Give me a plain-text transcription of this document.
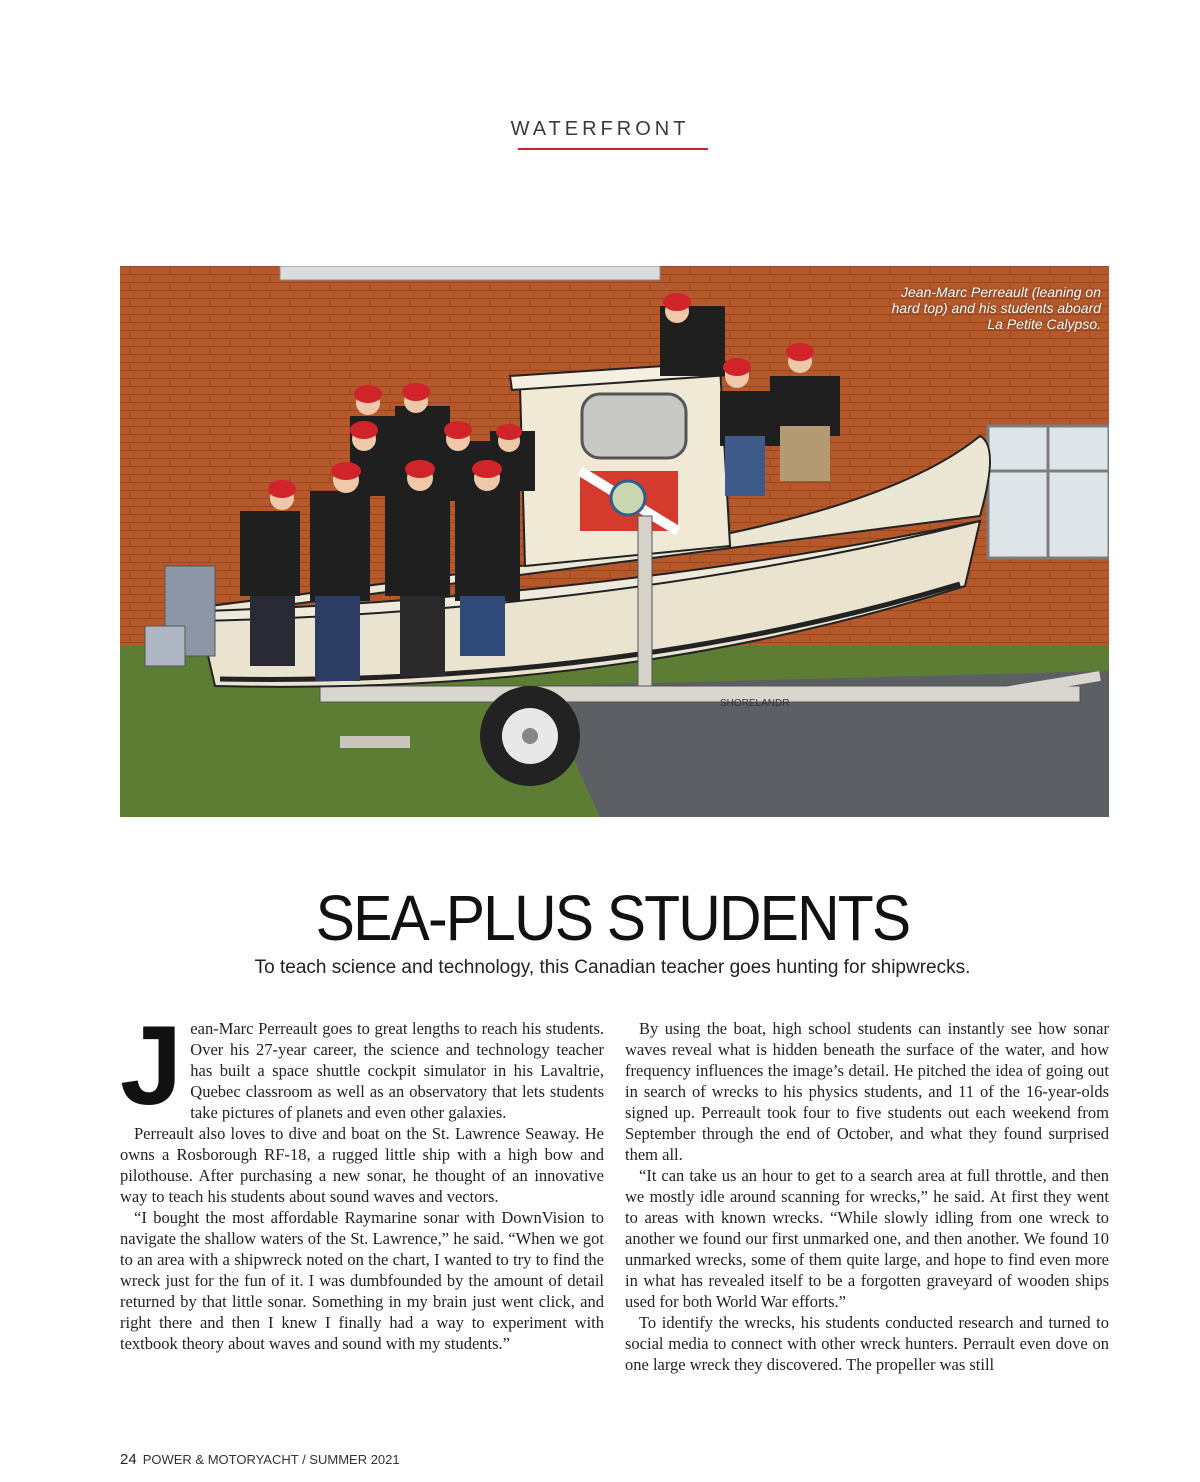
WATERFRONT
SHORELANDR
Jean-Marc Perreault (leaning on
hard top) and his students aboard
La Petite Calypso.
SEA-PLUS STUDENTS
To teach science and technology, this Canadian teacher goes hunting for shipwrecks.

Jean-Marc Perreault goes to great lengths to reach his students. Over his 27-year career, the science and technology teacher has built a space shuttle cockpit simulator in his Lavaltrie, Quebec classroom as well as an observatory that lets students take pictures of planets and even other galaxies.

Perreault also loves to dive and boat on the St. Lawrence Seaway. He owns a Rosborough RF-18, a rugged little ship with a high bow and pilothouse. After purchasing a new sonar, he thought of an innovative way to teach his students about sound waves and vectors.

“I bought the most affordable Raymarine sonar with DownVision to navigate the shallow waters of the St. Lawrence,” he said. “When we got to an area with a shipwreck noted on the chart, I wanted to try to find the wreck just for the fun of it. I was dumbfounded by the amount of detail returned by that little sonar. Something in my brain just went click, and right there and then I knew I finally had a way to experiment with textbook theory about waves and sound with my students.”

By using the boat, high school students can instantly see how sonar waves reveal what is hidden beneath the surface of the water, and how frequency influences the image’s detail. He pitched the idea of going out in search of wrecks to his physics students, and 11 of the 16-year-olds signed up. Perreault took four to five students out each weekend from September through the end of October, and what they found surprised them all.

“It can take us an hour to get to a search area at full throttle, and then we mostly idle around scanning for wrecks,” he said. At first they went to areas with known wrecks. “While slowly idling from one wreck to another we found our first unmarked one, and then another. We found 10 unmarked wrecks, some of them quite large, and hope to find even more in what has revealed itself to be a forgotten graveyard of wooden ships used for both World War efforts.”

To identify the wrecks, his students conducted research and turned to social media to connect with other wreck hunters. Perrault even dove on one large wreck they discovered. The propeller was still

24 POWER & MOTORYACHT / SUMMER 2021
